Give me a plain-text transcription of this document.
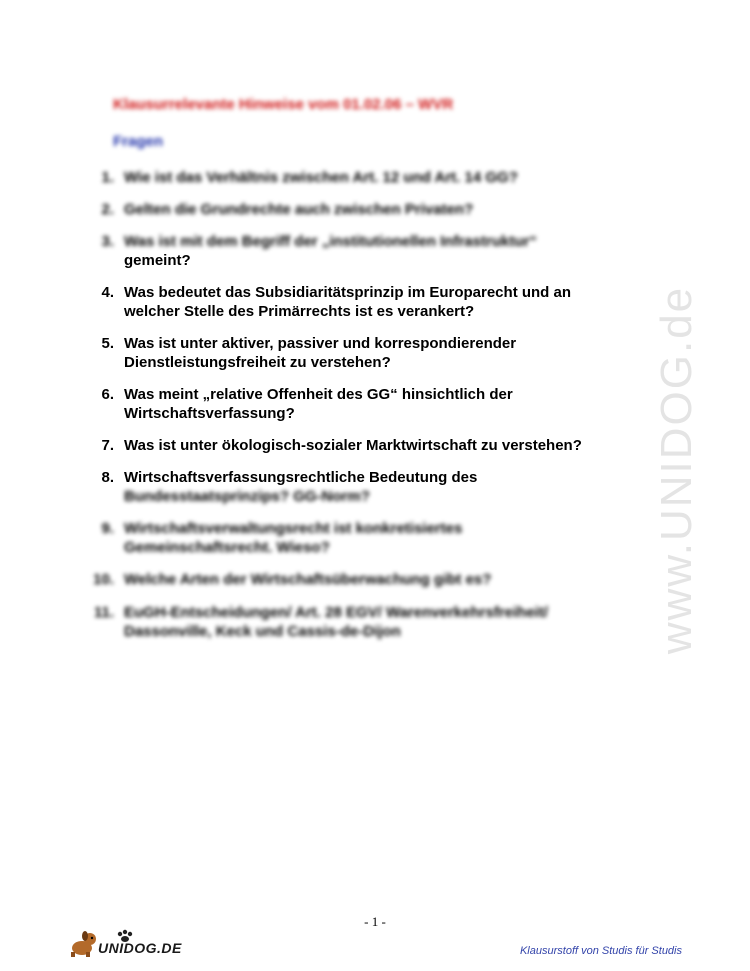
www.UNIDOG.de
Klausurrelevante Hinweise vom 01.02.06 – WVR
Fragen
1. Wie ist das Verhältnis zwischen Art. 12 und Art. 14 GG?
2. Gelten die Grundrechte auch zwischen Privaten?
3. Was ist mit dem Begriff der „institutionellen Infrastruktur“
gemeint?
4. Was bedeutet das Subsidiaritätsprinzip im Europarecht und an
welcher Stelle des Primärrechts ist es verankert?
5. Was ist unter aktiver, passiver und korrespondierender
Dienstleistungsfreiheit zu verstehen?
6. Was meint „relative Offenheit des GG“ hinsichtlich der
Wirtschaftsverfassung?
7. Was ist unter ökologisch-sozialer Marktwirtschaft zu verstehen?
8. Wirtschaftsverfassungsrechtliche Bedeutung des
Bundesstaatsprinzips? GG-Norm?
9. Wirtschaftsverwaltungsrecht ist konkretisiertes
Gemeinschaftsrecht. Wieso?
10. Welche Arten der Wirtschaftsüberwachung gibt es?
11. EuGH-Entscheidungen/ Art. 28 EGV/ Warenverkehrsfreiheit/
Dassonville, Keck und Cassis-de-Dijon
- 1 -
UNIDOG.DE	Klausurstoff von Studis für Studis
